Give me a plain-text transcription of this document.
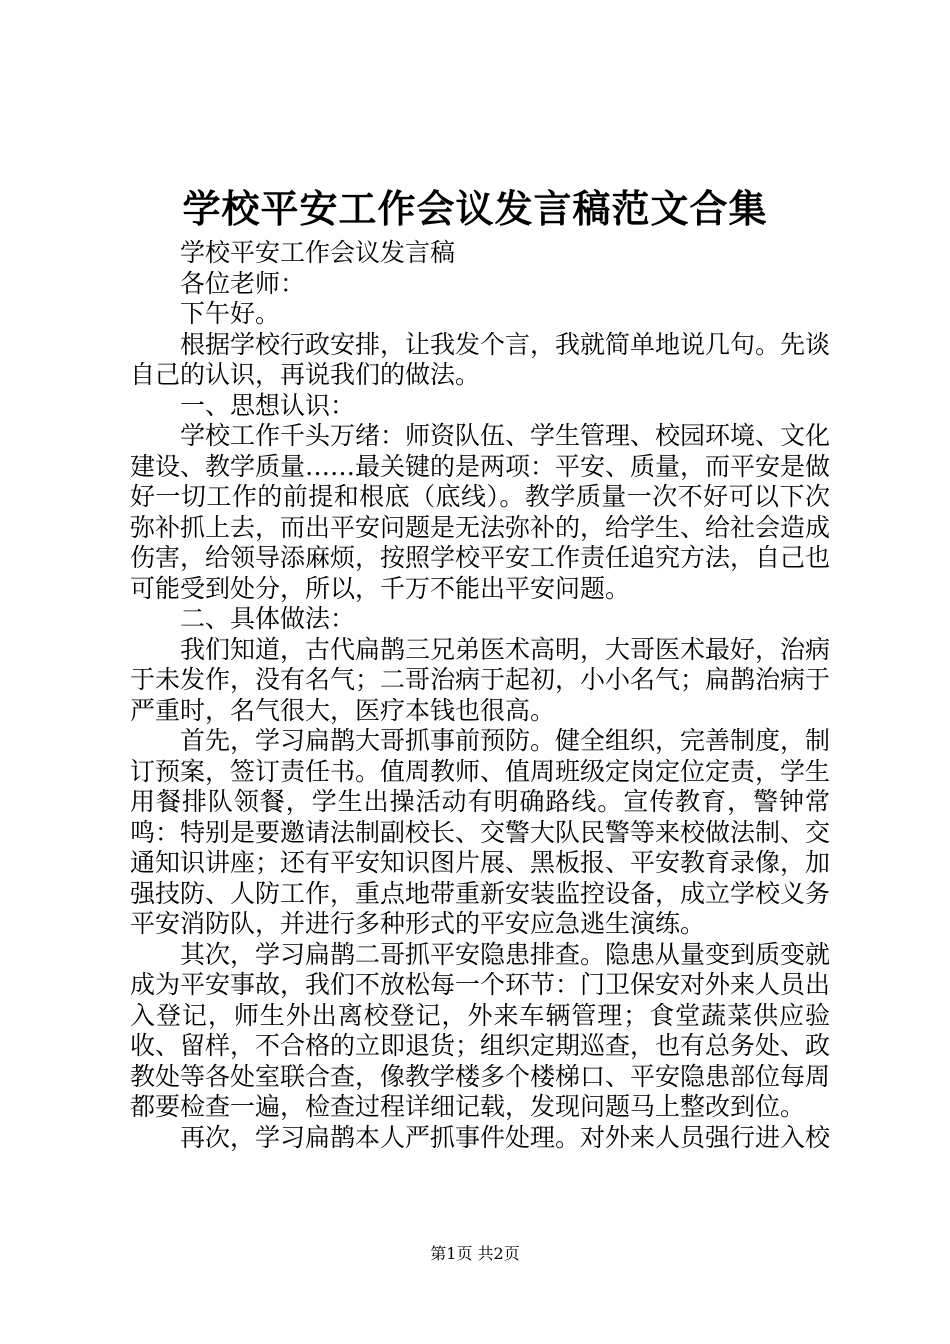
学校平安工作会议发言稿范文合集

学校平安工作会议发言稿

各位老师：

下午好。

根据学校行政安排，让我发个言，我就简单地说几句。先谈自己的认识，再说我们的做法。

一、思想认识：

学校工作千头万绪：师资队伍、学生管理、校园环境、文化建设、教学质量……最关键的是两项：平安、质量，而平安是做好一切工作的前提和根底（底线）。教学质量一次不好可以下次弥补抓上去，而出平安问题是无法弥补的，给学生、给社会造成伤害，给领导添麻烦，按照学校平安工作责任追究方法，自己也可能受到处分，所以，千万不能出平安问题。

二、具体做法：

我们知道，古代扁鹊三兄弟医术高明，大哥医术最好，治病于未发作，没有名气；二哥治病于起初，小小名气；扁鹊治病于严重时，名气很大，医疗本钱也很高。

首先，学习扁鹊大哥抓事前预防。健全组织，完善制度，制订预案，签订责任书。值周教师、值周班级定岗定位定责，学生用餐排队领餐，学生出操活动有明确路线。宣传教育，警钟常鸣：特别是要邀请法制副校长、交警大队民警等来校做法制、交通知识讲座；还有平安知识图片展、黑板报、平安教育录像，加强技防、人防工作，重点地带重新安装监控设备，成立学校义务平安消防队，并进行多种形式的平安应急逃生演练。

其次，学习扁鹊二哥抓平安隐患排查。隐患从量变到质变就成为平安事故，我们不放松每一个环节：门卫保安对外来人员出入登记，师生外出离校登记，外来车辆管理；食堂蔬菜供应验收、留样，不合格的立即退货；组织定期巡查，也有总务处、政教处等各处室联合查，像教学楼多个楼梯口、平安隐患部位每周都要检查一遍，检查过程详细记载，发现问题马上整改到位。

再次，学习扁鹊本人严抓事件处理。对外来人员强行进入校

第1页 共2页
